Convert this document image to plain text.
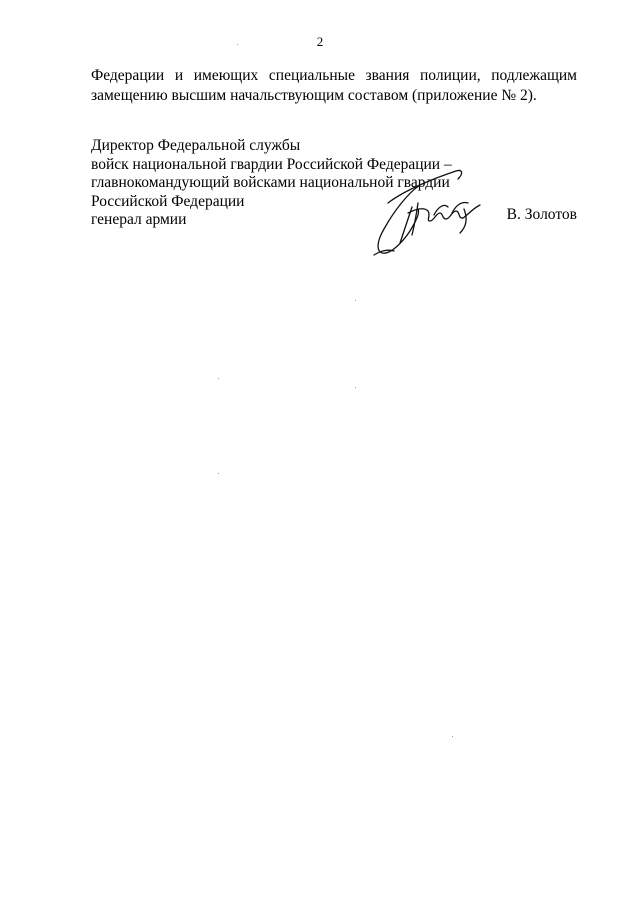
2
Федерации и имеющих специальные звания полиции, подлежащим
замещению высшим начальствующим составом (приложение № 2).
Директор Федеральной службы
войск национальной гвардии Российской Федерации –
главнокомандующий войсками национальной гвардии
Российской Федерации
генерал армии	В. Золотов
